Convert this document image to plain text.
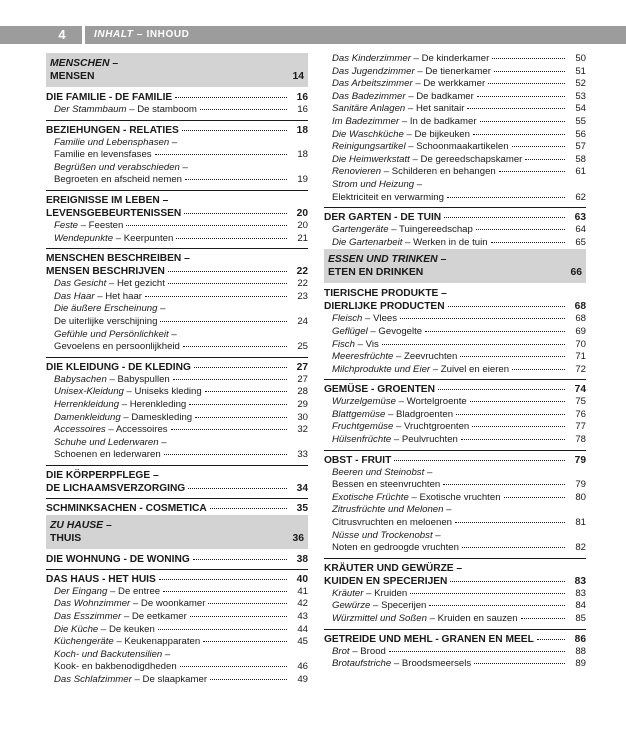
4	INHALT – INHOUD
MENSCHEN –
MENSEN	14
DIE FAMILIE - DE FAMILIE	16
Der Stammbaum – De stamboom	16
BEZIEHUNGEN - RELATIES	18
Familie und Lebensphasen –
Familie en levensfases	18
Begrüßen und verabschieden –
Begroeten en afscheid nemen	19
EREIGNISSE IM LEBEN –
LEVENSGEBEURTENISSEN	20
Feste – Feesten	20
Wendepunkte – Keerpunten	21
MENSCHEN BESCHREIBEN –
MENSEN BESCHRIJVEN	22
Das Gesicht – Het gezicht	22
Das Haar – Het haar	23
Die äußere Erscheinung –
De uiterlijke verschijning	24
Gefühle und Persönlichkeit –
Gevoelens en persoonlijkheid	25
DIE KLEIDUNG - DE KLEDING	27
Babysachen – Babyspullen	27
Unisex-Kleidung – Uniseks kleding	28
Herrenkleidung – Herenkleding	29
Damenkleidung – Dameskleding	30
Accessoires – Accessoires	32
Schuhe und Lederwaren –
Schoenen en lederwaren	33
DIE KÖRPERPFLEGE –
DE LICHAAMSVERZORGING	34
SCHMINKSACHEN - COSMETICA	35
ZU HAUSE –
THUIS	36
DIE WOHNUNG - DE WONING	38
DAS HAUS - HET HUIS	40
Der Eingang – De entree	41
Das Wohnzimmer – De woonkamer	42
Das Esszimmer – De eetkamer	43
Die Küche – De keuken	44
Küchengeräte – Keukenapparaten	45
Koch- und Backutensilien –
Kook- en bakbenodigdheden	46
Das Schlafzimmer – De slaapkamer	49
Das Kinderzimmer – De kinderkamer	50
Das Jugendzimmer – De tienerkamer	51
Das Arbeitszimmer – De werkkamer	52
Das Badezimmer – De badkamer	53
Sanitäre Anlagen – Het sanitair	54
Im Badezimmer – In de badkamer	55
Die Waschküche – De bijkeuken	56
Reinigungsartikel – Schoonmaakartikelen	57
Die Heimwerkstatt – De gereedschapskamer	58
Renovieren – Schilderen en behangen	61
Strom und Heizung –
Elektriciteit en verwarming	62
DER GARTEN - DE TUIN	63
Gartengeräte – Tuingereedschap	64
Die Gartenarbeit – Werken in de tuin	65
ESSEN UND TRINKEN –
ETEN EN DRINKEN	66
TIERISCHE PRODUKTE –
DIERLIJKE PRODUCTEN	68
Fleisch – Vlees	68
Geflügel – Gevogelte	69
Fisch – Vis	70
Meeresfrüchte – Zeevruchten	71
Milchprodukte und Eier – Zuivel en eieren	72
GEMÜSE - GROENTEN	74
Wurzelgemüse – Wortelgroente	75
Blattgemüse – Bladgroenten	76
Fruchtgemüse – Vruchtgroenten	77
Hülsenfrüchte – Peulvruchten	78
OBST - FRUIT	79
Beeren und Steinobst –
Bessen en steenvruchten	79
Exotische Früchte – Exotische vruchten	80
Zitrusfrüchte und Melonen –
Citrusvruchten en meloenen	81
Nüsse und Trockenobst –
Noten en gedroogde vruchten	82
KRÄUTER UND GEWÜRZE –
KUIDEN EN SPECERIJEN	83
Kräuter – Kruiden	83
Gewürze – Specerijen	84
Würzmittel und Soßen – Kruiden en sauzen	85
GETREIDE UND MEHL - GRANEN EN MEEL	86
Brot – Brood	88
Brotaufstriche – Broodsmeersels	89
